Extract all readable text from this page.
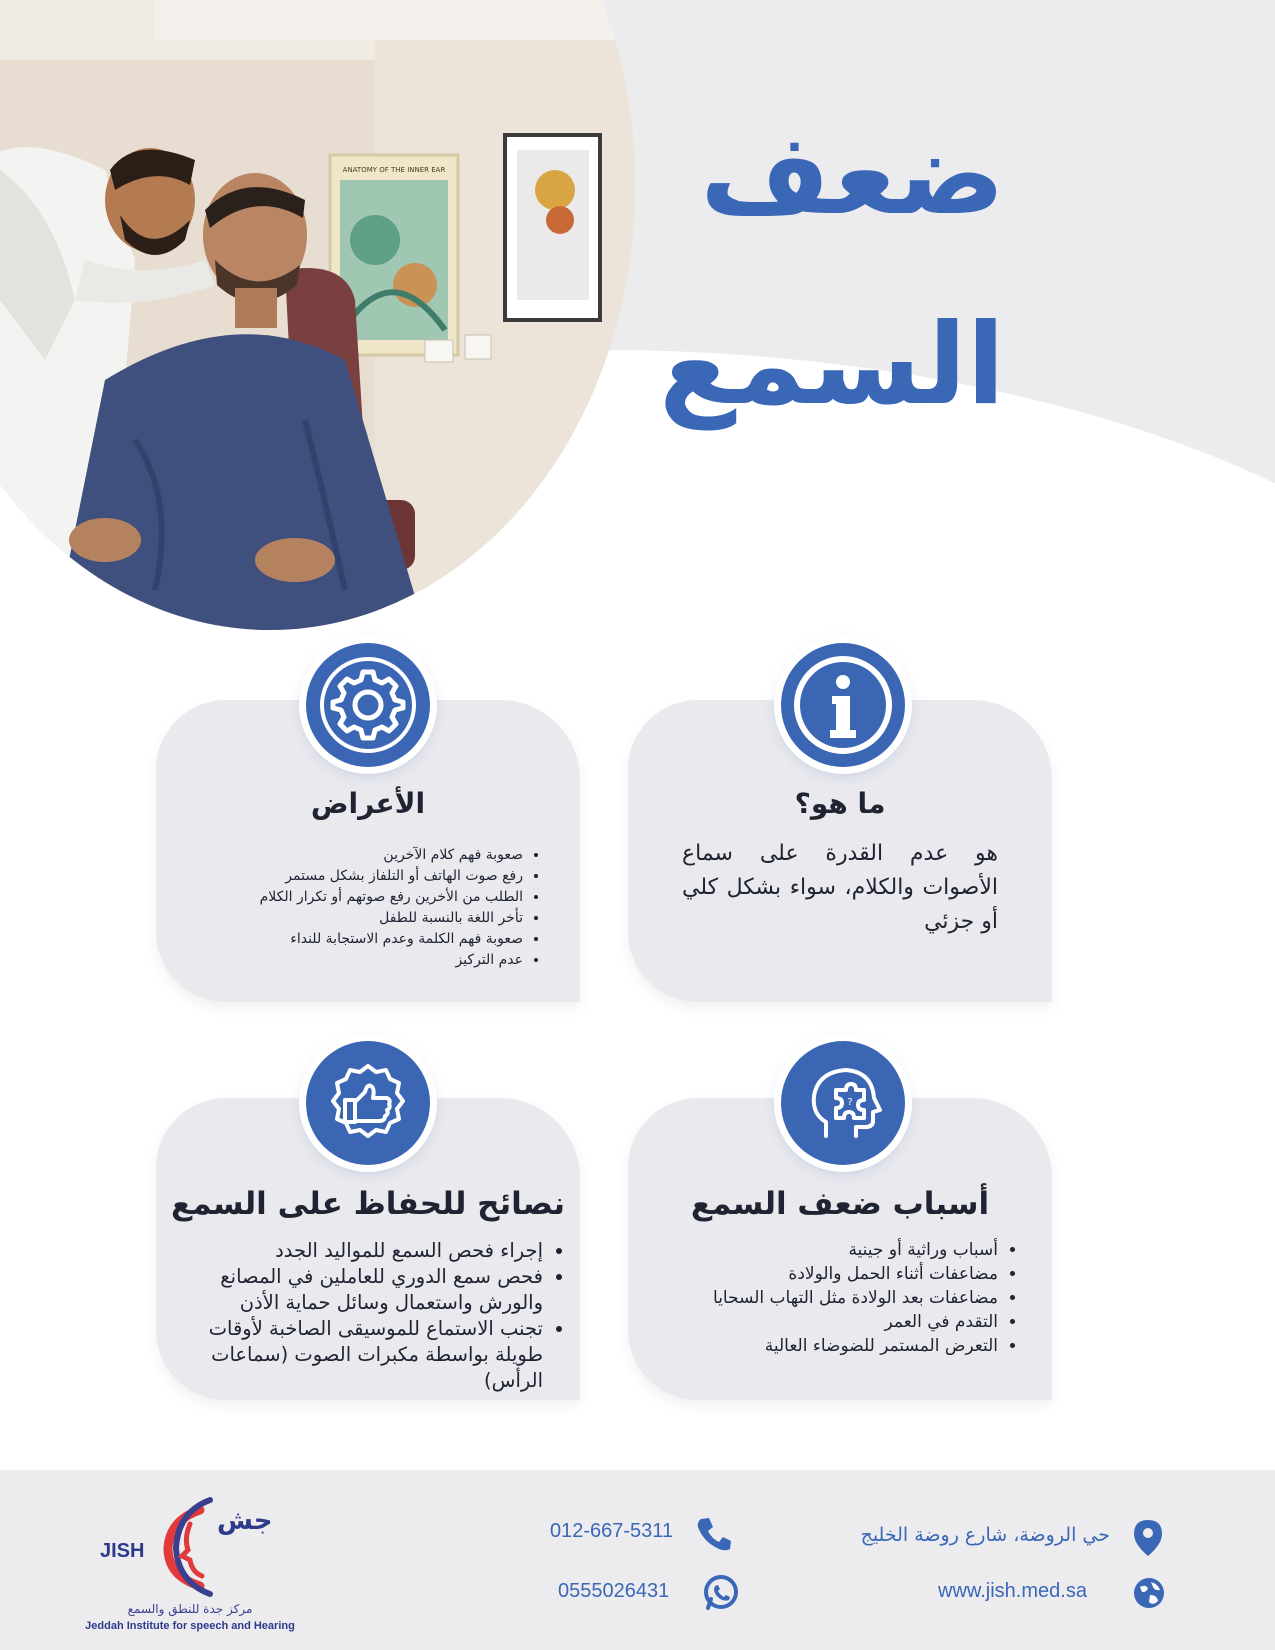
ANATOMY OF THE INNER EAR ضعف
السمع
ما هو؟
هو عدم القدرة على سماع الأصوات والكلام، سواء بشكل كلي أو جزئي
الأعراض
• صعوبة فهم كلام الآخرين
• رفع صوت الهاتف أو التلفاز بشكل مستمر
• الطلب من الأخرين رفع صوتهم أو تكرار الكلام
• تأخر اللغة بالنسبة للطفل
• صعوبة فهم الكلمة وعدم الاستجابة للنداء
• عدم التركيز
?
أسباب ضعف السمع
• أسباب وراثية أو جينية
• مضاعفات أثناء الحمل والولادة
• مضاعفات بعد الولادة مثل التهاب السحايا
• التقدم في العمر
• التعرض المستمر للضوضاء العالية
نصائح للحفاظ على السمع
• إجراء فحص السمع للمواليد الجدد
• فحص سمع الدوري للعاملين في المصانع والورش واستعمال وسائل حماية الأذن
• تجنب الاستماع للموسيقى الصاخبة لأوقات طويلة بواسطة مكبرات الصوت (سماعات الرأس)
حي الروضة، شارع روضة الخليج
www.jish.med.sa
012-667-5311
0555026431
جش
JISH
مركز جدة للنطق والسمع
Jeddah Institute for speech and Hearing
